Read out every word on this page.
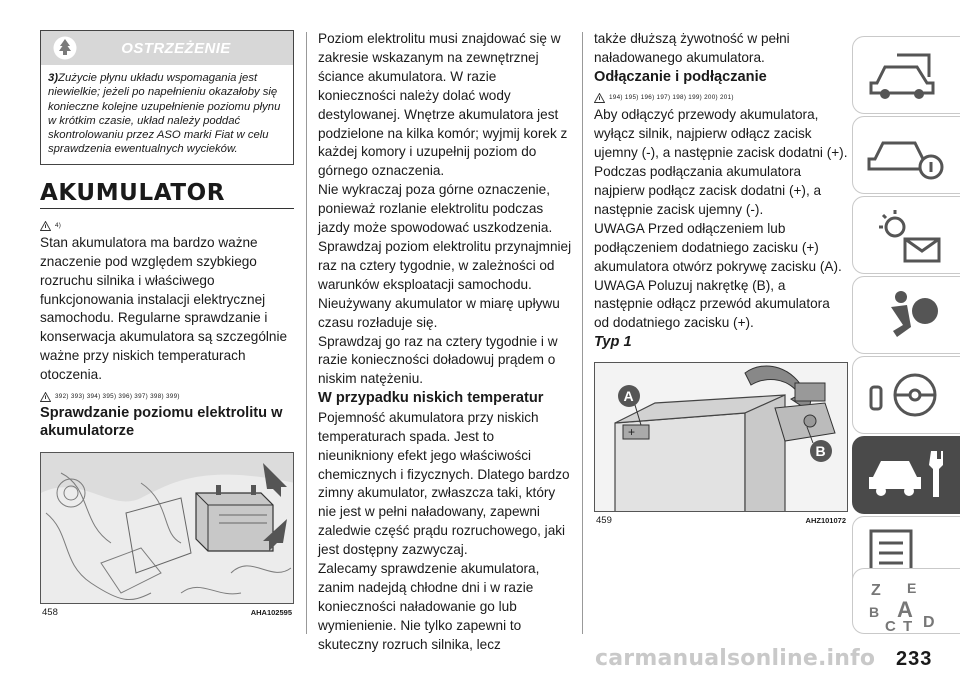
OSTRZEŻENIE
3)Zużycie płynu układu wspomagania jest niewielkie; jeżeli po napełnieniu okazałoby się konieczne kolejne uzupełnienie poziomu płynu w krótkim czasie, układ należy poddać skontrolowaniu przez ASO marki Fiat w celu sprawdzenia ewentualnych wycieków.
AKUMULATOR
4)

Stan akumulatora ma bardzo ważne znaczenie pod względem szybkiego rozruchu silnika i właściwego funkcjonowania instalacji elektrycznej samochodu. Regularne sprawdzanie i konserwacja akumulatora są szczególnie ważne przy niskich temperaturach otoczenia.

392) 393) 394) 395) 396) 397) 398) 399)
Sprawdzanie poziomu elektrolitu w akumulatorze
458	AHA102595

Poziom elektrolitu musi znajdować się w zakresie wskazanym na zewnętrznej ściance akumulatora. W razie konieczności należy dolać wody destylowanej. Wnętrze akumulatora jest podzielone na kilka komór; wyjmij korek z każdej komory i uzupełnij poziom do górnego oznaczenia.

Nie wykraczaj poza górne oznaczenie, ponieważ rozlanie elektrolitu podczas jazdy może spowodować uszkodzenia.

Sprawdzaj poziom elektrolitu przynajmniej raz na cztery tygodnie, w zależności od warunków eksploatacji samochodu. Nieużywany akumulator w miarę upływu czasu rozładuje się.

Sprawdzaj go raz na cztery tygodnie i w razie konieczności doładowuj prądem o niskim natężeniu.

W przypadku niskich temperatur

Pojemność akumulatora przy niskich temperaturach spada. Jest to nieunikniony efekt jego właściwości chemicznych i fizycznych. Dlatego bardzo zimny akumulator, zwłaszcza taki, który nie jest w pełni naładowany, zapewni zaledwie część prądu rozruchowego, jaki jest dostępny zazwyczaj.

Zalecamy sprawdzenie akumulatora, zanim nadejdą chłodne dni i w razie konieczności naładowanie go lub wymienienie. Nie tylko zapewni to skuteczny rozruch silnika, lecz

także dłuższą żywotność w pełni naładowanego akumulatora.

Odłączanie i podłączanie
194) 195) 196) 197) 198) 199) 200) 201)

Aby odłączyć przewody akumulatora, wyłącz silnik, najpierw odłącz zacisk ujemny (-), a następnie zacisk dodatni (+). Podczas podłączania akumulatora najpierw podłącz zacisk dodatni (+), a następnie zacisk ujemny (-).

UWAGA Przed odłączeniem lub podłączeniem dodatniego zacisku (+) akumulatora otwórz pokrywę zacisku (A).

UWAGA Poluzuj nakrętkę (B), a następnie odłącz przewód akumulatora od dodatniego zacisku (+).

Typ 1
+
A
B
459	AHZ101072
Z E
B A
C T D
carmanualsonline.info 233
